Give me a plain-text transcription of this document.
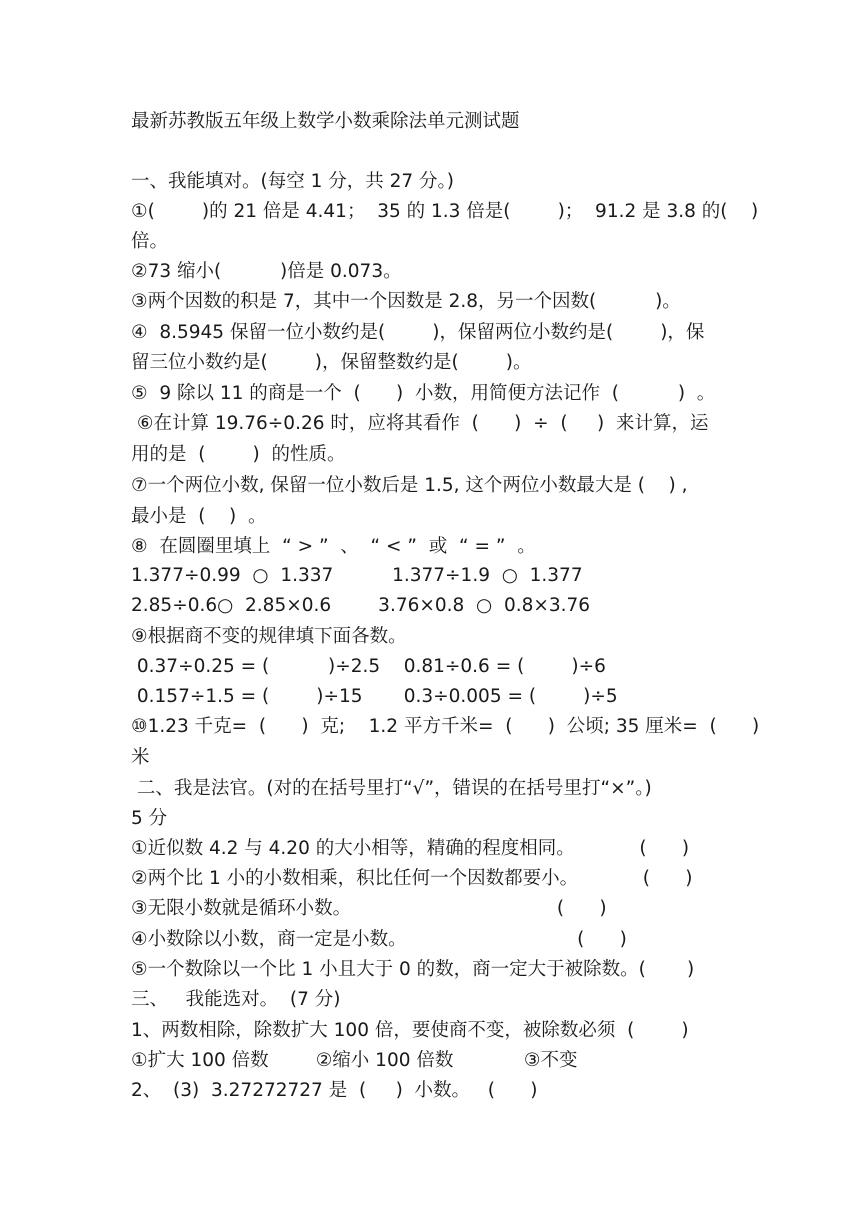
最新苏教版五年级上数学小数乘除法单元测试题
一、我能填对。(每空 1 分，共 27 分。)
①(        )的 21 倍是 4.41；  35 的 1.3 倍是(        )；  91.2 是 3.8 的(    )
倍。
②73 缩小(          )倍是 0.073。
③两个因数的积是 7，其中一个因数是 2.8，另一个因数(          )。
④  8.5945 保留一位小数约是(        )，保留两位小数约是(        )，保
留三位小数约是(        )，保留整数约是(        )。
⑤  9 除以 11 的商是一个  (      )  小数，用简便方法记作  (          )  。
⑥在计算 19.76÷0.26 时，应将其看作  (      )  ÷  (     )  来计算，运
用的是  (        )  的性质。
⑦一个两位小数, 保留一位小数后是 1.5, 这个两位小数最大是 (    ) ,
最小是  (    )  。
⑧  在圆圈里填上  “ > ”  、  “ < ”  或  “ = ”  。
1.377÷0.99  ○  1.337          1.377÷1.9  ○  1.377
2.85÷0.6○  2.85×0.6        3.76×0.8  ○  0.8×3.76
⑨根据商不变的规律填下面各数。
0.37÷0.25 = (          )÷2.5    0.81÷0.6 = (        )÷6
0.157÷1.5 = (        )÷15       0.3÷0.005 = (        )÷5
⑩1.23 千克=  (      )  克;    1.2 平方千米=  (      )  公顷; 35 厘米=  (      )
米
二、我是法官。(对的在括号里打“√”，错误的在括号里打“×”。)
5 分
①近似数 4.2 与 4.20 的大小相等，精确的程度相同。           (      )
②两个比 1 小的小数相乘，积比任何一个因数都要小。           (      )
③无限小数就是循环小数。                                   (      )
④小数除以小数，商一定是小数。                             (      )
⑤一个数除以一个比 1 小且大于 0 的数，商一定大于被除数。(       )
三、   我能选对。  (7 分)
1、两数相除，除数扩大 100 倍，要使商不变，被除数必须  (        )
①扩大 100 倍数        ②缩小 100 倍数            ③不变
2、  (3)  3.27272727 是  (     )  小数。   (      )
